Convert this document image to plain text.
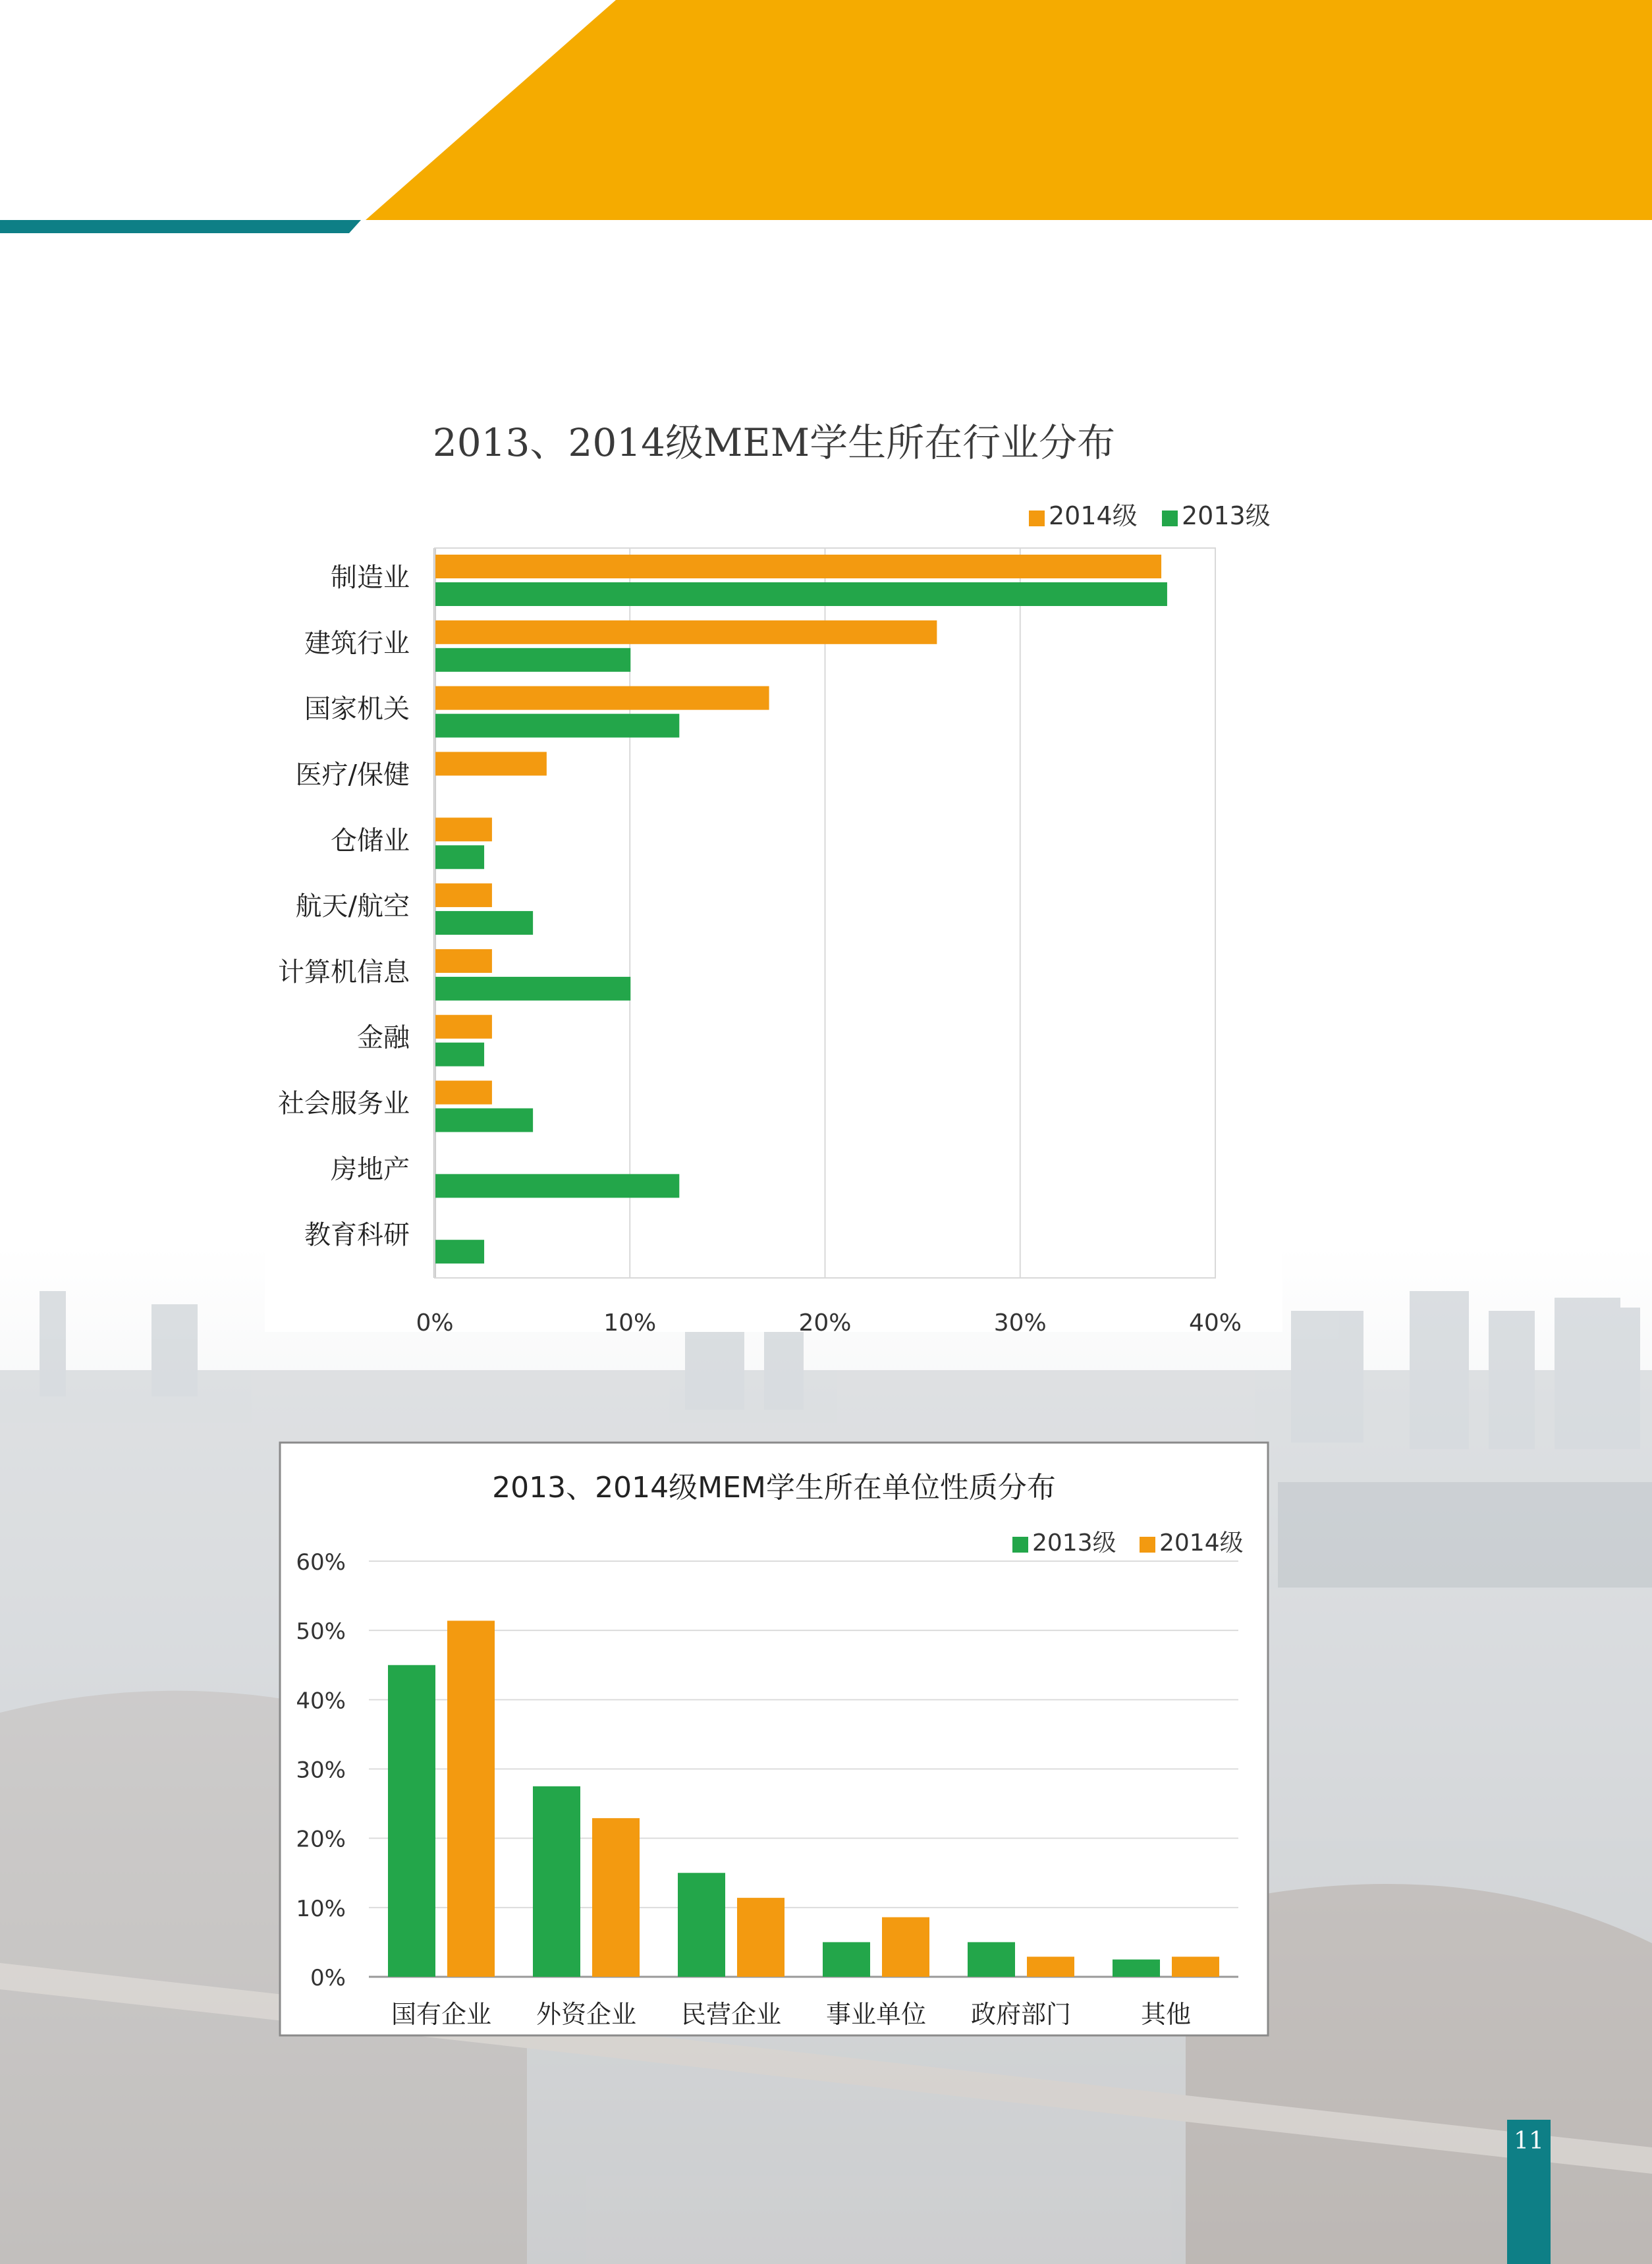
2013、2014级MEM学生所在行业分布
0%	10%	20%	30%	40%
2014级 2013级
制造业
建筑行业
国家机关
医疗/保健
仓储业
航天/航空
计算机信息
金融
社会服务业
房地产
教育科研
2013、2014级MEM学生所在单位性质分布
0%
10%
20%
30%
40%
50%
60%
2013级 2014级
国有企业 外资企业 民营企业 事业单位 政府部门	其他
11
